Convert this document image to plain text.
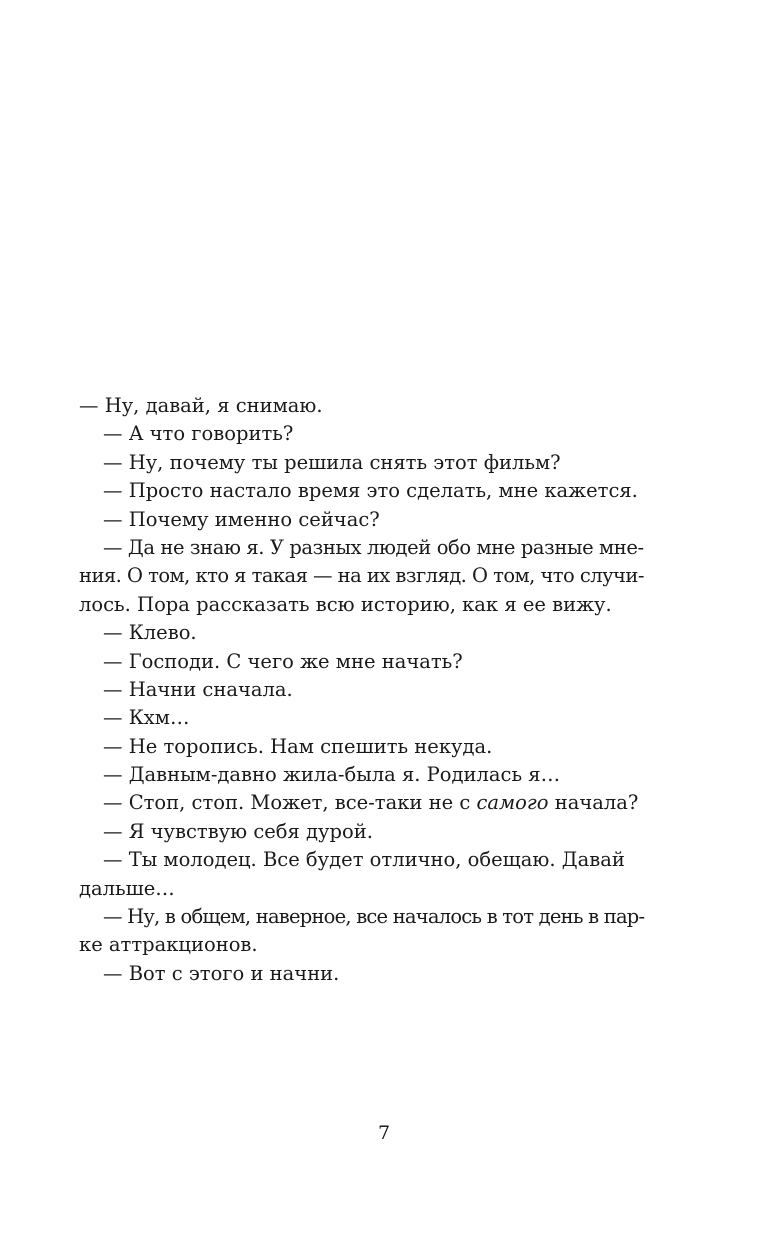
— Ну, давай, я снимаю.
— А что говорить?
— Ну, почему ты решила снять этот фильм?
— Просто настало время это сделать, мне кажется.
— Почему именно сейчас?
— Да не знаю я. У разных людей обо мне разные мне-
ния. О том, кто я такая — на их взгляд. О том, что случи-
лось. Пора рассказать всю историю, как я ее вижу.
— Клево.
— Господи. С чего же мне начать?
— Начни сначала.
— Кхм…
— Не торопись. Нам спешить некуда.
— Давным-давно жила-была я. Родилась я…
— Стоп, стоп. Может, все-таки не с самого начала?
— Я чувствую себя дурой.
— Ты молодец. Все будет отлично, обещаю. Давай
дальше…
— Ну, в общем, наверное, все началось в тот день в пар-
ке аттракционов.
— Вот с этого и начни.
7
